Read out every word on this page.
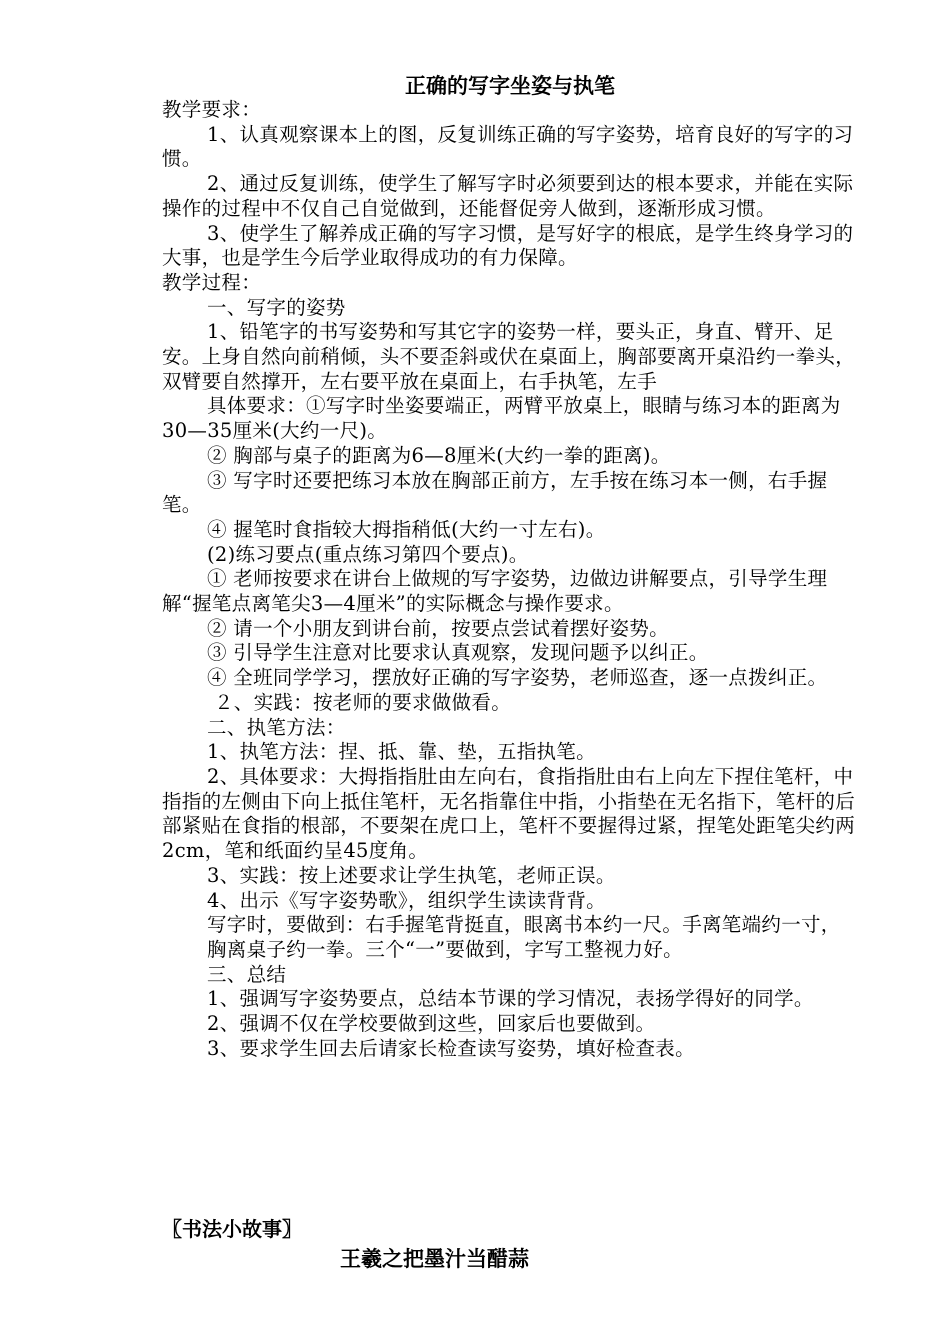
正确的写字坐姿与执笔

教学要求：

1、认真观察课本上的图，反复训练正确的写字姿势，培育良好的写字的习惯。

2、通过反复训练，使学生了解写字时必须要到达的根本要求，并能在实际操作的过程中不仅自己自觉做到，还能督促旁人做到，逐渐形成习惯。

3、使学生了解养成正确的写字习惯，是写好字的根底，是学生终身学习的大事，也是学生今后学业取得成功的有力保障。

教学过程：

一、写字的姿势

1、铅笔字的书写姿势和写其它字的姿势一样，要头正，身直、臂开、足安。上身自然向前稍倾，头不要歪斜或伏在桌面上，胸部要离开桌沿约一拳头，双臂要自然撑开，左右要平放在桌面上，右手执笔，左手

具体要求：①写字时坐姿要端正，两臂平放桌上，眼睛与练习本的距离为30—35厘米(大约一尺)。

② 胸部与桌子的距离为6—8厘米(大约一拳的距离)。

③ 写字时还要把练习本放在胸部正前方，左手按在练习本一侧，右手握笔。

④ 握笔时食指较大拇指稍低(大约一寸左右)。

(2)练习要点(重点练习第四个要点)。

① 老师按要求在讲台上做规的写字姿势，边做边讲解要点，引导学生理解“握笔点离笔尖3—4厘米”的实际概念与操作要求。

② 请一个小朋友到讲台前，按要点尝试着摆好姿势。

③ 引导学生注意对比要求认真观察，发现问题予以纠正。

④ 全班同学学习，摆放好正确的写字姿势，老师巡查，逐一点拨纠正。

２、实践：按老师的要求做做看。

二、执笔方法：

1、执笔方法：捏、抵、靠、垫，五指执笔。

2、具体要求：大拇指指肚由左向右，食指指肚由右上向左下捏住笔杆，中指指的左侧由下向上抵住笔杆，无名指靠住中指，小指垫在无名指下，笔杆的后部紧贴在食指的根部，不要架在虎口上，笔杆不要握得过紧，捏笔处距笔尖约两2cm，笔和纸面约呈45度角。

3、实践：按上述要求让学生执笔，老师正误。

4、出示《写字姿势歌》，组织学生读读背背。

写字时，要做到：右手握笔背挺直，眼离书本约一尺。手离笔端约一寸，

胸离桌子约一拳。三个“一”要做到，字写工整视力好。

三、总结

1、强调写字姿势要点，总结本节课的学习情况，表扬学得好的同学。

2、强调不仅在学校要做到这些，回家后也要做到。

3、要求学生回去后请家长检查读写姿势，填好检查表。

〖书法小故事〗
王羲之把墨汁当醋蒜
